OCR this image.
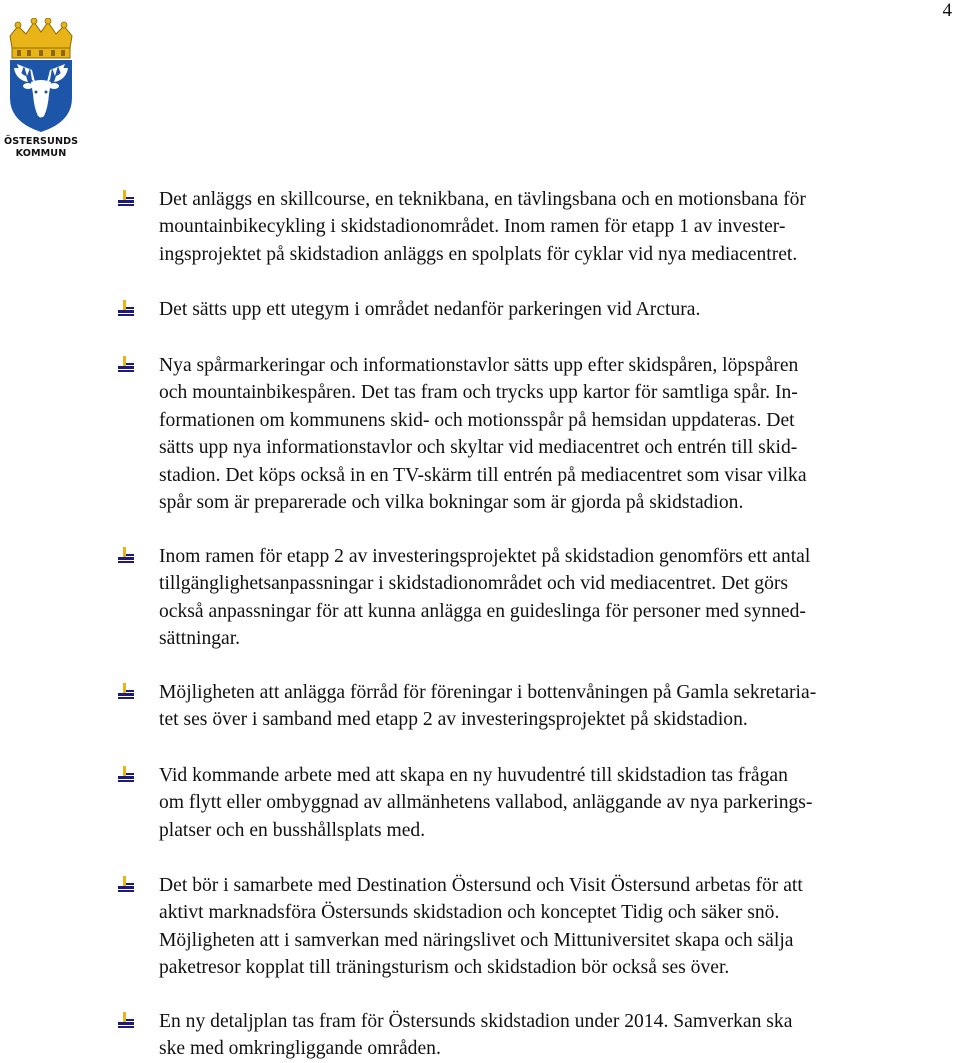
4
ÖSTERSUNDS
KOMMUN

Det anläggs en skillcourse, en teknikbana, en tävlingsbana och en motionsbana för
mountainbikecykling i skidstadionområdet. Inom ramen för etapp 1 av invester-
ingsprojektet på skidstadion anläggs en spolplats för cyklar vid nya mediacentret.

Det sätts upp ett utegym i området nedanför parkeringen vid Arctura.

Nya spårmarkeringar och informationstavlor sätts upp efter skidspåren, löpspåren
och mountainbikespåren. Det tas fram och trycks upp kartor för samtliga spår. In-
formationen om kommunens skid- och motionsspår på hemsidan uppdateras. Det
sätts upp nya informationstavlor och skyltar vid mediacentret och entrén till skid-
stadion. Det köps också in en TV-skärm till entrén på mediacentret som visar vilka
spår som är preparerade och vilka bokningar som är gjorda på skidstadion.

Inom ramen för etapp 2 av investeringsprojektet på skidstadion genomförs ett antal
tillgänglighetsanpassningar i skidstadionområdet och vid mediacentret. Det görs
också anpassningar för att kunna anlägga en guideslinga för personer med synned-
sättningar.

Möjligheten att anlägga förråd för föreningar i bottenvåningen på Gamla sekretaria-
tet ses över i samband med etapp 2 av investeringsprojektet på skidstadion.

Vid kommande arbete med att skapa en ny huvudentré till skidstadion tas frågan
om flytt eller ombyggnad av allmänhetens vallabod, anläggande av nya parkerings-
platser och en busshållsplats med.

Det bör i samarbete med Destination Östersund och Visit Östersund arbetas för att
aktivt marknadsföra Östersunds skidstadion och konceptet Tidig och säker snö.
Möjligheten att i samverkan med näringslivet och Mittuniversitet skapa och sälja
paketresor kopplat till träningsturism och skidstadion bör också ses över.

En ny detaljplan tas fram för Östersunds skidstadion under 2014. Samverkan ska
ske med omkringliggande områden.
